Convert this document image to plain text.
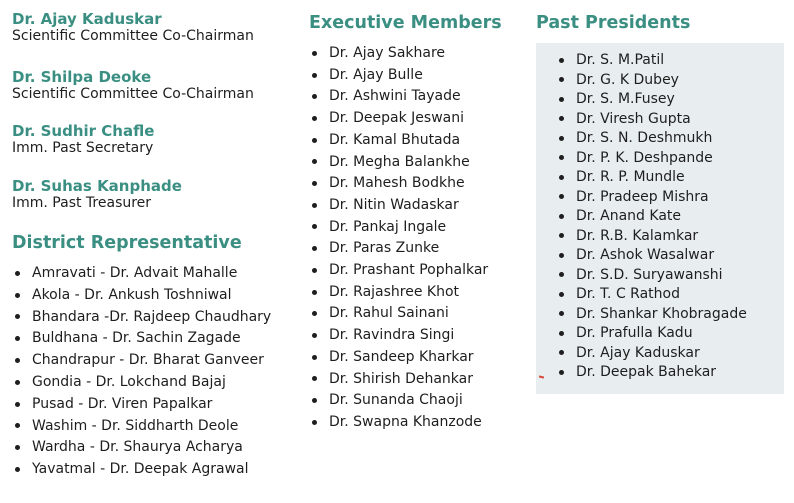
Dr. Ajay Kaduskar

Scientific Committee Co-Chairman

Dr. Shilpa Deoke

Scientific Committee Co-Chairman

Dr. Sudhir Chafle

Imm. Past Secretary

Dr. Suhas Kanphade

Imm. Past Treasurer

District Representative
Amravati - Dr. Advait Mahalle
Akola - Dr. Ankush Toshniwal
Bhandara -Dr. Rajdeep Chaudhary
Buldhana - Dr. Sachin Zagade
Chandrapur - Dr. Bharat Ganveer
Gondia - Dr. Lokchand Bajaj
Pusad - Dr. Viren Papalkar
Washim - Dr. Siddharth Deole
Wardha - Dr. Shaurya Acharya
Yavatmal - Dr. Deepak Agrawal
Executive Members
Dr. Ajay Sakhare
Dr. Ajay Bulle
Dr. Ashwini Tayade
Dr. Deepak Jeswani
Dr. Kamal Bhutada
Dr. Megha Balankhe
Dr. Mahesh Bodkhe
Dr. Nitin Wadaskar
Dr. Pankaj Ingale
Dr. Paras Zunke
Dr. Prashant Pophalkar
Dr. Rajashree Khot
Dr. Rahul Sainani
Dr. Ravindra Singi
Dr. Sandeep Kharkar
Dr. Shirish Dehankar
Dr. Sunanda Chaoji
Dr. Swapna Khanzode
Past Presidents
Dr. S. M.Patil
Dr. G. K Dubey
Dr. S. M.Fusey
Dr. Viresh Gupta
Dr. S. N. Deshmukh
Dr. P. K. Deshpande
Dr. R. P. Mundle
Dr. Pradeep Mishra
Dr. Anand Kate
Dr. R.B. Kalamkar
Dr. Ashok Wasalwar
Dr. S.D. Suryawanshi
Dr. T. C Rathod
Dr. Shankar Khobragade
Dr. Prafulla Kadu
Dr. Ajay Kaduskar
Dr. Deepak Bahekar
